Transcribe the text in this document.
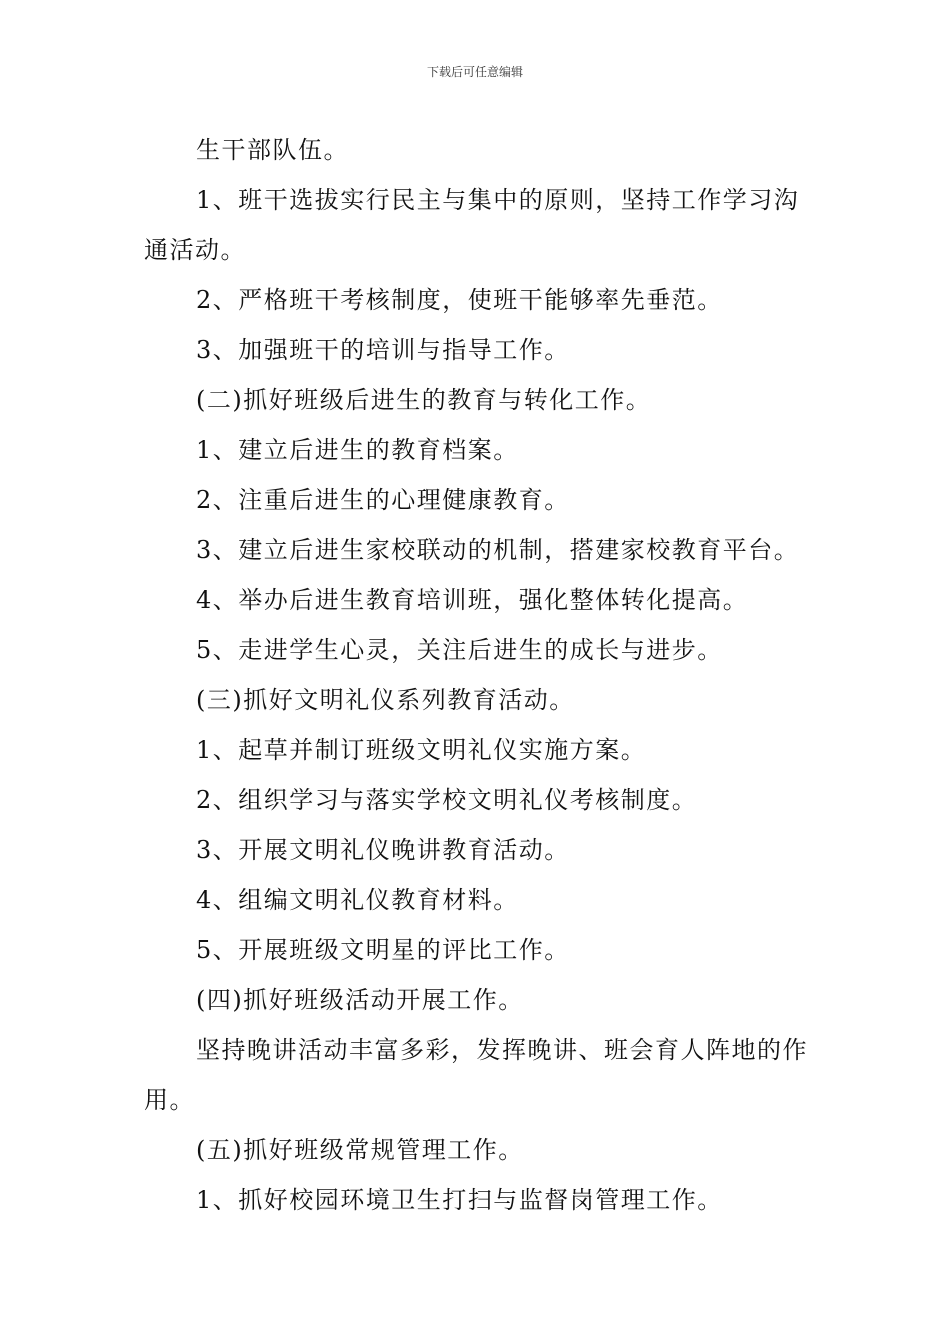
下载后可任意编辑

生干部队伍。

1、班干选拔实行民主与集中的原则，坚持工作学习沟通活动。

2、严格班干考核制度，使班干能够率先垂范。

3、加强班干的培训与指导工作。

(二)抓好班级后进生的教育与转化工作。

1、建立后进生的教育档案。

2、注重后进生的心理健康教育。

3、建立后进生家校联动的机制，搭建家校教育平台。

4、举办后进生教育培训班，强化整体转化提高。

5、走进学生心灵，关注后进生的成长与进步。

(三)抓好文明礼仪系列教育活动。

1、起草并制订班级文明礼仪实施方案。

2、组织学习与落实学校文明礼仪考核制度。

3、开展文明礼仪晚讲教育活动。

4、组编文明礼仪教育材料。

5、开展班级文明星的评比工作。

(四)抓好班级活动开展工作。

坚持晚讲活动丰富多彩，发挥晚讲、班会育人阵地的作用。

(五)抓好班级常规管理工作。

1、抓好校园环境卫生打扫与监督岗管理工作。
